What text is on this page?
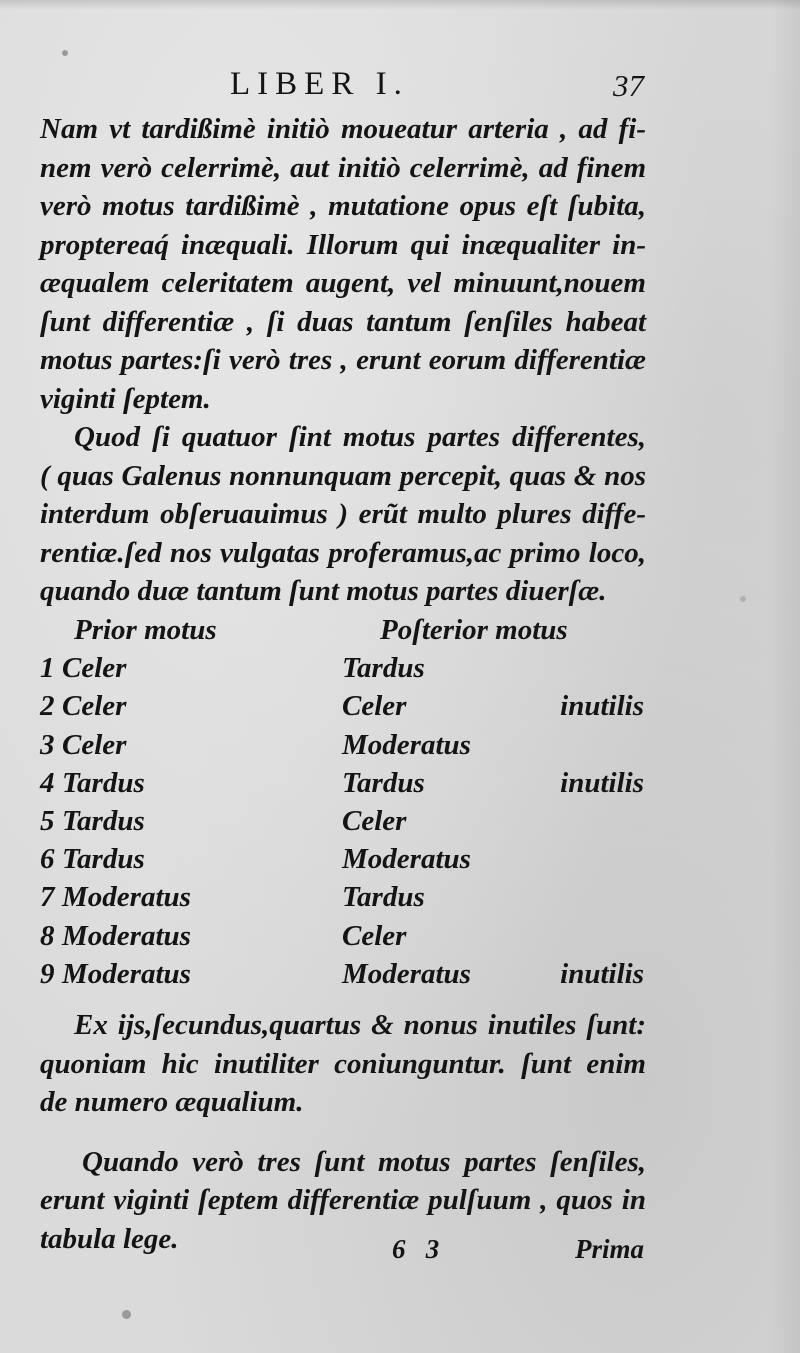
LIBER I.	37

Nam vt tardißimè initiò moueatur arteria , ad fi-
nem verò celerrimè, aut initiò celerrimè, ad finem
verò motus tardißimè , mutatione opus eſt ſubita,
proptereaq́ inæquali. Illorum qui inæqualiter in-
æqualem celeritatem augent, vel minuunt,nouem
ſunt differentiæ , ſi duas tantum ſenſiles habeat
motus partes:ſi verò tres , erunt eorum differentiæ
viginti ſeptem.

Quod ſi quatuor ſint motus partes differentes,
( quas Galenus nonnunquam percepit, quas & nos
interdum obſeruauimus ) erũt multo plures diffe-
rentiæ.ſed nos vulgatas proferamus,ac primo loco,
quando duæ tantum ſunt motus partes diuerſæ.

Prior motus	Poſterior motus
1 Celer	Tardus
2 Celer	Celer	inutilis
3 Celer	Moderatus
4 Tardus	Tardus	inutilis
5 Tardus	Celer
6 Tardus	Moderatus
7 Moderatus	Tardus
8 Moderatus	Celer
9 Moderatus	Moderatus	inutilis

Ex ijs,ſecundus,quartus & nonus inutiles ſunt:
quoniam hic inutiliter coniunguntur. ſunt enim
de numero æqualium.

Quando verò tres ſunt motus partes ſenſiles,
erunt viginti ſeptem differentiæ pulſuum , quos in
tabula lege.	6   3	Prima
